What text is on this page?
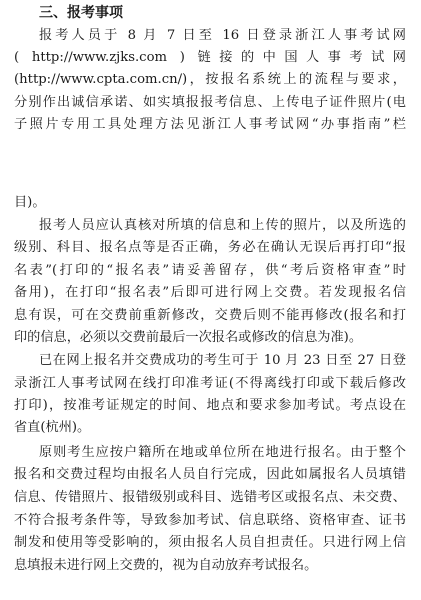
三、报考事项
报考人员于 8 月 7 日至 16 日登录浙江人事考试网
( http://www.zjks.com ) 链接的中国人事考试网
(http://www.cpta.com.cn/)，按报名系统上的流程与要求，
分别作出诚信承诺、如实填报报考信息、上传电子证件照片(电
子照片专用工具处理方法见浙江人事考试网“办事指南”栏
目)。
报考人员应认真核对所填的信息和上传的照片，以及所选的
级别、科目、报名点等是否正确，务必在确认无误后再打印“报
名表”(打印的“报名表”请妥善留存，供“考后资格审查”时
备用)，在打印“报名表”后即可进行网上交费。若发现报名信
息有误，可在交费前重新修改，交费后则不能再修改(报名和打
印的信息，必须以交费前最后一次报名或修改的信息为准)。
已在网上报名并交费成功的考生可于 10 月 23 日至 27 日登
录浙江人事考试网在线打印准考证(不得离线打印或下载后修改
打印)，按准考证规定的时间、地点和要求参加考试。考点设在
省直(杭州)。
原则考生应按户籍所在地或单位所在地进行报名。由于整个
报名和交费过程均由报名人员自行完成，因此如属报名人员填错
信息、传错照片、报错级别或科目、选错考区或报名点、未交费、
不符合报考条件等，导致参加考试、信息联络、资格审查、证书
制发和使用等受影响的，须由报名人员自担责任。只进行网上信
息填报未进行网上交费的，视为自动放弃考试报名。
